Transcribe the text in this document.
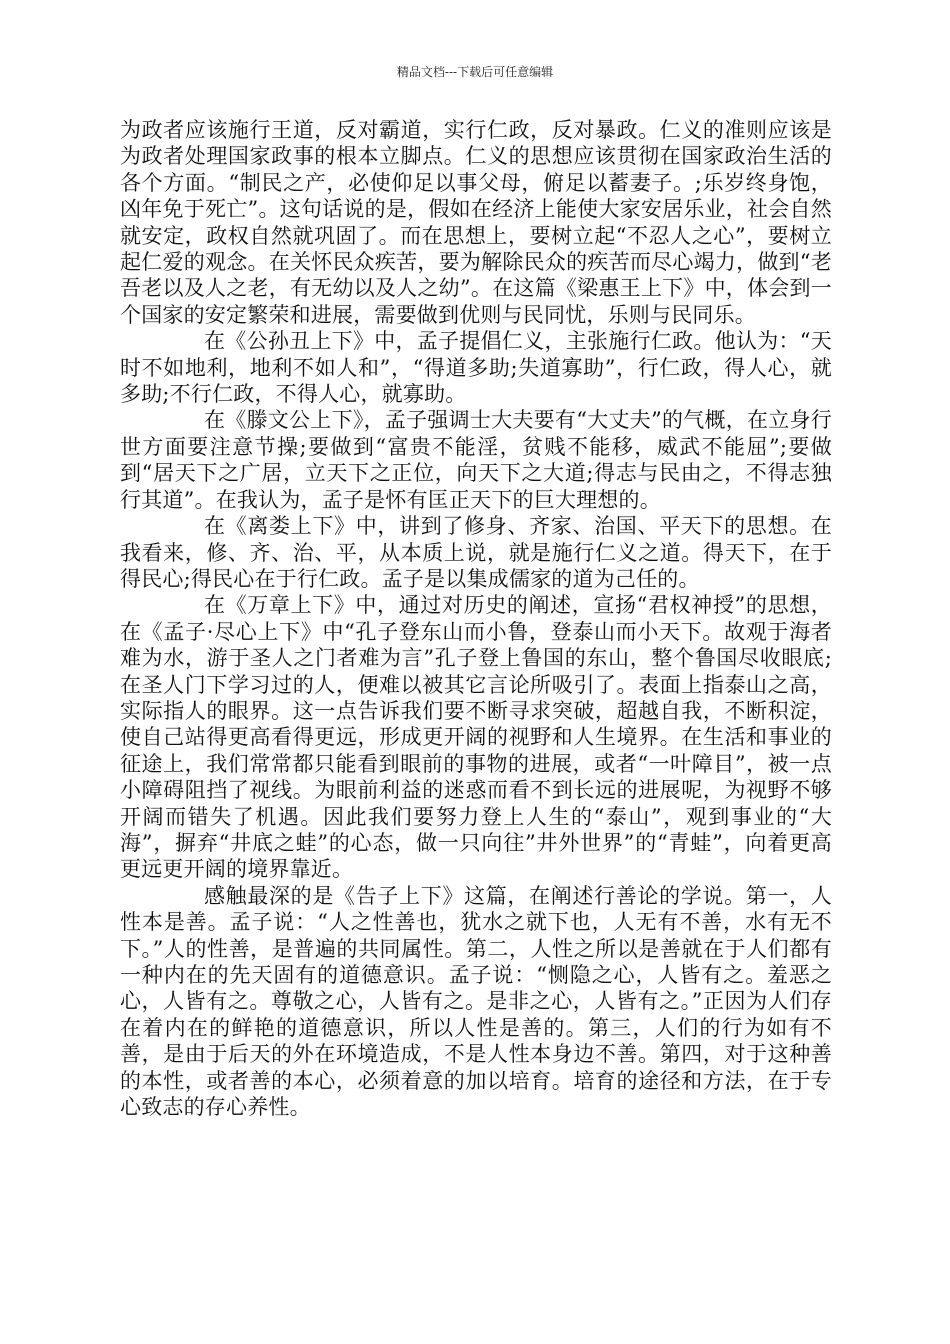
精品文档---下载后可任意编辑

为政者应该施行王道，反对霸道，实行仁政，反对暴政。仁义的准则应该是为政者处理国家政事的根本立脚点。仁义的思想应该贯彻在国家政治生活的各个方面。“制民之产，必使仰足以事父母，俯足以蓄妻子。;乐岁终身饱，凶年免于死亡”。这句话说的是，假如在经济上能使大家安居乐业，社会自然就安定，政权自然就巩固了。而在思想上，要树立起“不忍人之心”，要树立起仁爱的观念。在关怀民众疾苦，要为解除民众的疾苦而尽心竭力，做到“老吾老以及人之老，有无幼以及人之幼”。在这篇《梁惠王上下》中，体会到一个国家的安定繁荣和进展，需要做到优则与民同忧，乐则与民同乐。

在《公孙丑上下》中，孟子提倡仁义，主张施行仁政。他认为：“天时不如地利，地利不如人和”，“得道多助;失道寡助”，行仁政，得人心，就多助;不行仁政，不得人心，就寡助。

在《滕文公上下》，孟子强调士大夫要有“大丈夫”的气概，在立身行世方面要注意节操;要做到“富贵不能淫，贫贱不能移，威武不能屈”;要做到“居天下之广居，立天下之正位，向天下之大道;得志与民由之，不得志独行其道”。在我认为，孟子是怀有匡正天下的巨大理想的。

在《离娄上下》中，讲到了修身、齐家、治国、平天下的思想。在我看来，修、齐、治、平，从本质上说，就是施行仁义之道。得天下，在于得民心;得民心在于行仁政。孟子是以集成儒家的道为己任的。

在《万章上下》中，通过对历史的阐述，宣扬“君权神授”的思想，在《孟子·尽心上下》中“孔子登东山而小鲁，登泰山而小天下。故观于海者难为水，游于圣人之门者难为言”孔子登上鲁国的东山，整个鲁国尽收眼底;在圣人门下学习过的人，便难以被其它言论所吸引了。表面上指泰山之高，实际指人的眼界。这一点告诉我们要不断寻求突破，超越自我，不断积淀，使自己站得更高看得更远，形成更开阔的视野和人生境界。在生活和事业的征途上，我们常常都只能看到眼前的事物的进展，或者“一叶障目”，被一点小障碍阻挡了视线。为眼前利益的迷惑而看不到长远的进展呢，为视野不够开阔而错失了机遇。因此我们要努力登上人生的“泰山”，观到事业的“大海”，摒弃“井底之蛙”的心态，做一只向往”井外世界”的“青蛙”，向着更高更远更开阔的境界靠近。

感触最深的是《告子上下》这篇，在阐述行善论的学说。第一，人性本是善。孟子说：“人之性善也，犹水之就下也，人无有不善，水有无不下。”人的性善，是普遍的共同属性。第二，人性之所以是善就在于人们都有一种内在的先天固有的道德意识。孟子说：“恻隐之心，人皆有之。羞恶之心，人皆有之。尊敬之心，人皆有之。是非之心，人皆有之。”正因为人们存在着内在的鲜艳的道德意识，所以人性是善的。第三，人们的行为如有不善，是由于后天的外在环境造成，不是人性本身边不善。第四，对于这种善的本性，或者善的本心，必须着意的加以培育。培育的途径和方法，在于专心致志的存心养性。
